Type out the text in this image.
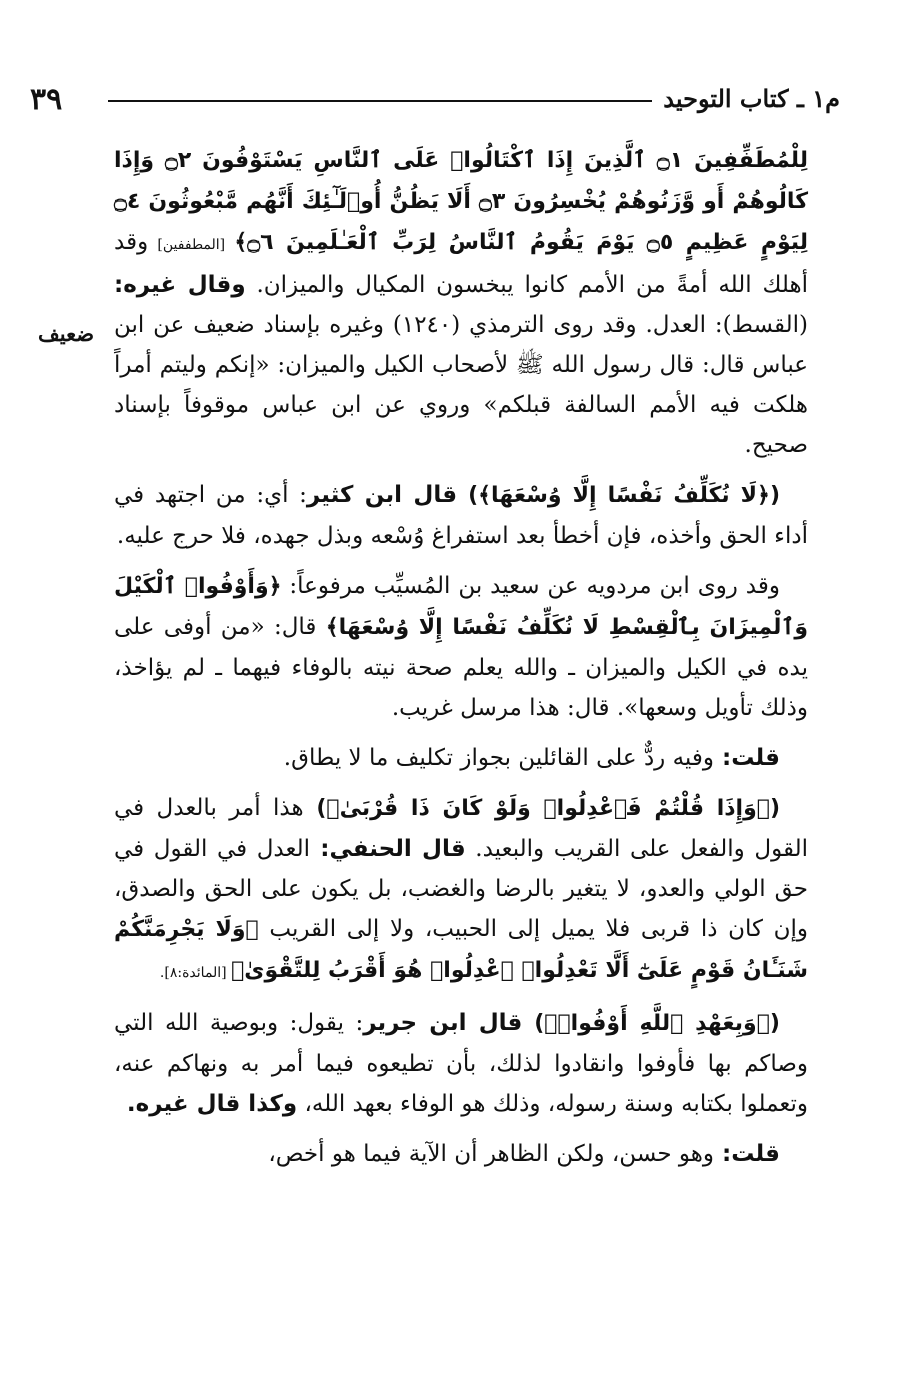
٣٩	م١ ـ كتاب التوحيد
ضعيف

لِلْمُطَفِّفِينَ ۝١ ٱلَّذِينَ إِذَا ٱكْتَالُوا۟ عَلَى ٱلنَّاسِ يَسْتَوْفُونَ ۝٢ وَإِذَا كَالُوهُمْ أَو وَّزَنُوهُمْ يُخْسِرُونَ ۝٣ أَلَا يَظُنُّ أُو۟لَـٰٓئِكَ أَنَّهُم مَّبْعُوثُونَ ۝٤ لِيَوْمٍ عَظِيمٍ ۝٥ يَوْمَ يَقُومُ ٱلنَّاسُ لِرَبِّ ٱلْعَـٰلَمِينَ ۝٦﴾ [المطففين] وقد أهلك الله أمةً من الأمم كانوا يبخسون المكيال والميزان. وقال غيره: (القسط): العدل. وقد روى الترمذي (١٢٤٠) وغيره بإسناد ضعيف عن ابن عباس قال: قال رسول الله ﷺ لأصحاب الكيل والميزان: «إنكم وليتم أمراً هلكت فيه الأمم السالفة قبلكم» وروي عن ابن عباس موقوفاً بإسناد صحيح.

(﴿لَا نُكَلِّفُ نَفْسًا إِلَّا وُسْعَهَا﴾) قال ابن كثير: أي: من اجتهد في أداء الحق وأخذه، فإن أخطأ بعد استفراغ وُسْعه وبذل جهده، فلا حرج عليه.

وقد روى ابن مردويه عن سعيد بن المُسيِّب مرفوعاً: ﴿وَأَوْفُوا۟ ٱلْكَيْلَ وَٱلْمِيزَانَ بِٱلْقِسْطِ لَا نُكَلِّفُ نَفْسًا إِلَّا وُسْعَهَا﴾ قال: «من أوفى على يده في الكيل والميزان ـ والله يعلم صحة نيته بالوفاء فيهما ـ لم يؤاخذ، وذلك تأويل وسعها». قال: هذا مرسل غريب.

قلت: وفيه ردٌّ على القائلين بجواز تكليف ما لا يطاق.

(﴿وَإِذَا قُلْتُمْ فَٱعْدِلُوا۟ وَلَوْ كَانَ ذَا قُرْبَىٰ﴾) هذا أمر بالعدل في القول والفعل على القريب والبعيد. قال الحنفي: العدل في القول في حق الولي والعدو، لا يتغير بالرضا والغضب، بل يكون على الحق والصدق، وإن كان ذا قربى فلا يميل إلى الحبيب، ولا إلى القريب ﴿وَلَا يَجْرِمَنَّكُمْ شَنَـَٔانُ قَوْمٍ عَلَىٰٓ أَلَّا تَعْدِلُوا۟ ٱعْدِلُوا۟ هُوَ أَقْرَبُ لِلتَّقْوَىٰ﴾ [المائدة:٨].

(﴿وَبِعَهْدِ ٱللَّهِ أَوْفُوا۟﴾) قال ابن جرير: يقول: وبوصية الله التي وصاكم بها فأوفوا وانقادوا لذلك، بأن تطيعوه فيما أمر به ونهاكم عنه، وتعملوا بكتابه وسنة رسوله، وذلك هو الوفاء بعهد الله، وكذا قال غيره.

قلت: وهو حسن، ولكن الظاهر أن الآية فيما هو أخص،
